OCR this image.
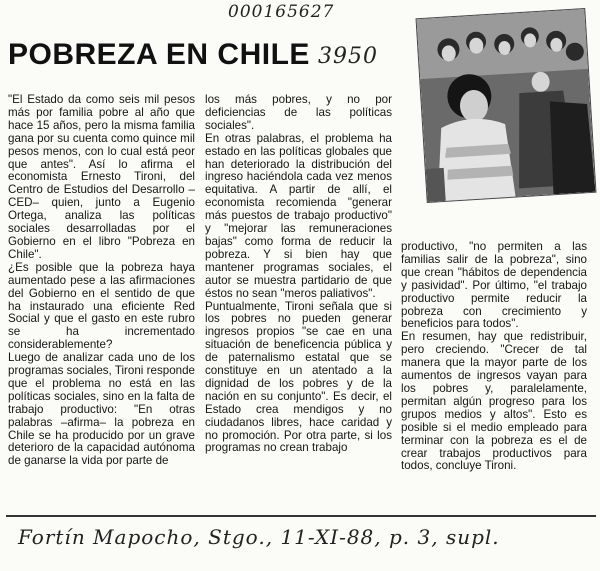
000165627
POBREZA EN CHILE 3950

"El Estado da como seis mil pesos más por familia pobre al año que hace 15 años, pero la misma familia gana por su cuenta como quince mil pesos menos, con lo cual está peor que antes". Así lo afirma el economista Ernesto Tironi, del Centro de Estudios del Desarrollo –CED– quien, junto a Eugenio Ortega, analiza las políticas sociales desarrolladas por el Gobierno en el libro "Pobreza en Chile".

¿Es posible que la pobreza haya aumentado pese a las afirmaciones del Gobierno en el sentido de que ha instaurado una eficiente Red Social y que el gasto en este rubro se ha incrementado considerablemente?

Luego de analizar cada uno de los programas sociales, Tironi responde que el problema no está en las políticas sociales, sino en la falta de trabajo productivo: "En otras palabras –afirma– la pobreza en Chile se ha producido por un grave deterioro de la capacidad autónoma de ganarse la vida por parte de

los más pobres, y no por deficiencias de las políticas sociales".

En otras palabras, el problema ha estado en las políticas globales que han deteriorado la distribución del ingreso haciéndola cada vez menos equitativa. A partir de allí, el economista recomienda "generar más puestos de trabajo productivo" y "mejorar las remuneraciones bajas" como forma de reducir la pobreza. Y si bien hay que mantener programas sociales, el autor se muestra partidario de que éstos no sean "meros paliativos".

Puntualmente, Tironi señala que si los pobres no pueden generar ingresos propios "se cae en una situación de beneficencia pública y de paternalismo estatal que se constituye en un atentado a la dignidad de los pobres y de la nación en su conjunto". Es decir, el Estado crea mendigos y no ciudadanos libres, hace caridad y no promoción. Por otra parte, si los programas no crean trabajo

productivo, "no permiten a las familias salir de la pobreza", sino que crean "hábitos de dependencia y pasividad". Por último, "el trabajo productivo permite reducir la pobreza con crecimiento y beneficios para todos".

En resumen, hay que redistribuir, pero creciendo. "Crecer de tal manera que la mayor parte de los aumentos de ingresos vayan para los pobres y, paralelamente, permitan algún progreso para los grupos medios y altos". Esto es posible si el medio empleado para terminar con la pobreza es el de crear trabajos productivos para todos, concluye Tironi.

Fortín Mapocho, Stgo., 11-XI-88, p. 3, supl.
